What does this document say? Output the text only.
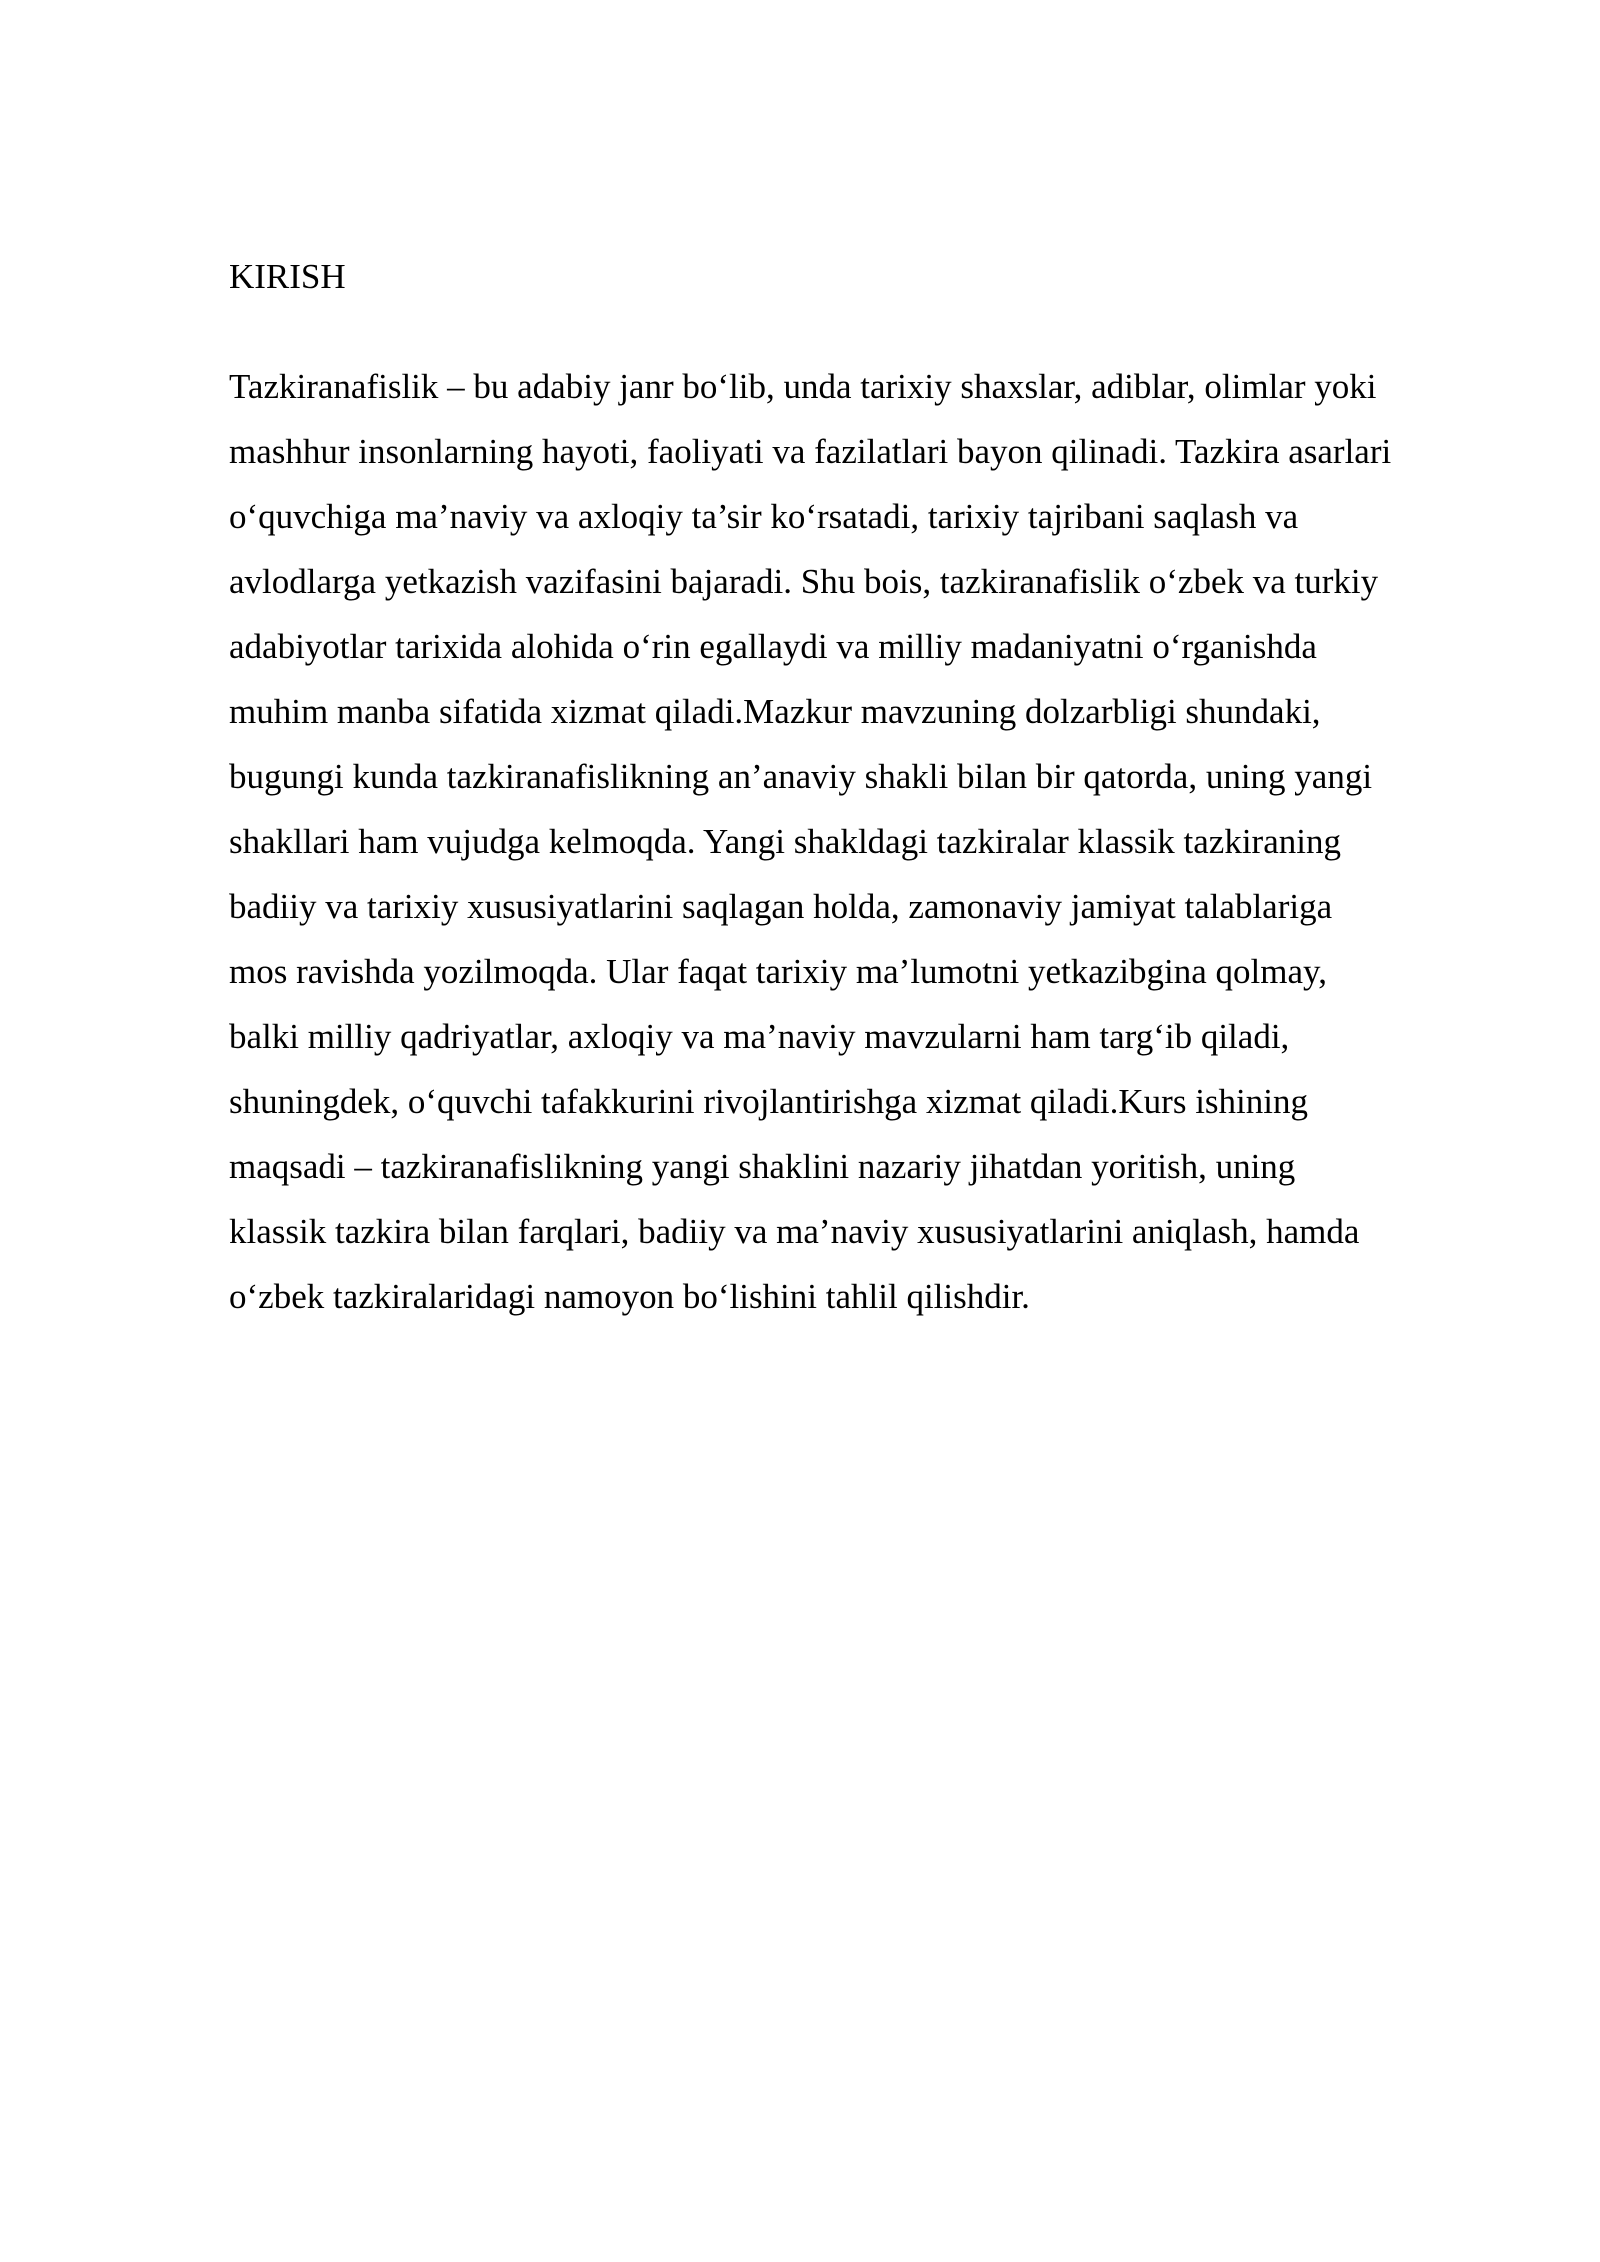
KIRISH

Tazkiranafislik – bu adabiy janr bo‘lib, unda tarixiy shaxslar, adiblar, olimlar yoki
mashhur insonlarning hayoti, faoliyati va fazilatlari bayon qilinadi. Tazkira asarlari
o‘quvchiga ma’naviy va axloqiy ta’sir ko‘rsatadi, tarixiy tajribani saqlash va
avlodlarga yetkazish vazifasini bajaradi. Shu bois, tazkiranafislik o‘zbek va turkiy
adabiyotlar tarixida alohida o‘rin egallaydi va milliy madaniyatni o‘rganishda
muhim manba sifatida xizmat qiladi.Mazkur mavzuning dolzarbligi shundaki,
bugungi kunda tazkiranafislikning an’anaviy shakli bilan bir qatorda, uning yangi
shakllari ham vujudga kelmoqda. Yangi shakldagi tazkiralar klassik tazkiraning
badiiy va tarixiy xususiyatlarini saqlagan holda, zamonaviy jamiyat talablariga
mos ravishda yozilmoqda. Ular faqat tarixiy ma’lumotni yetkazibgina qolmay,
balki milliy qadriyatlar, axloqiy va ma’naviy mavzularni ham targ‘ib qiladi,
shuningdek, o‘quvchi tafakkurini rivojlantirishga xizmat qiladi.Kurs ishining
maqsadi – tazkiranafislikning yangi shaklini nazariy jihatdan yoritish, uning
klassik tazkira bilan farqlari, badiiy va ma’naviy xususiyatlarini aniqlash, hamda
o‘zbek tazkiralaridagi namoyon bo‘lishini tahlil qilishdir.
